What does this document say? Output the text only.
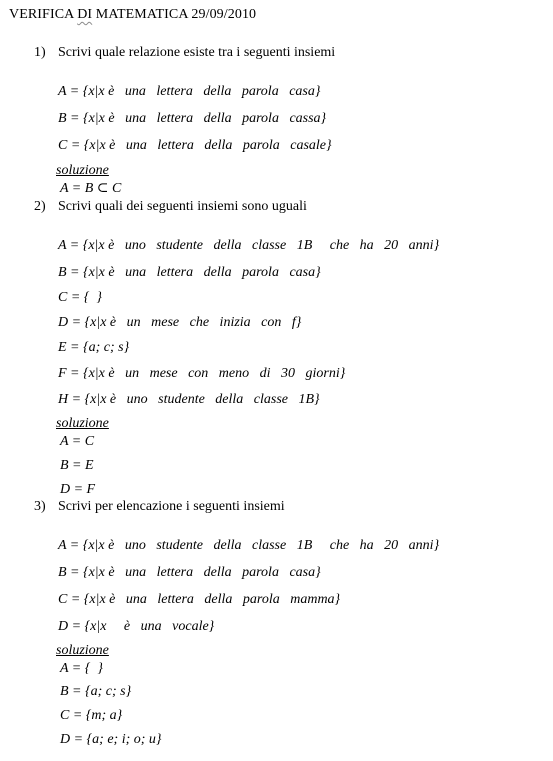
VERIFICA DI MATEMATICA 29/09/2010
1) Scrivi quale relazione esiste tra i seguenti insiemi
A = {x|x è   una   lettera   della   parola   casa}
B = {x|x è   una   lettera   della   parola   cassa}
C = {x|x è   una   lettera   della   parola   casale}
soluzione
A = B ⊂ C
2) Scrivi quali dei seguenti insiemi sono uguali
A = {x|x è   uno   studente   della   classe   1B     che   ha   20   anni}
B = {x|x è   una   lettera   della   parola   casa}
C = {  }
D = {x|x è   un   mese   che   inizia   con   f}
E = {a; c; s}
F = {x|x è   un   mese   con   meno   di   30   giorni}
H = {x|x è   uno   studente   della   classe   1B}
soluzione
A = C
B = E
D = F
3) Scrivi per elencazione i seguenti insiemi
A = {x|x è   uno   studente   della   classe   1B     che   ha   20   anni}
B = {x|x è   una   lettera   della   parola   casa}
C = {x|x è   una   lettera   della   parola   mamma}
D = {x|x     è   una   vocale}
soluzione
A = {  }
B = {a; c; s}
C = {m; a}
D = {a; e; i; o; u}
